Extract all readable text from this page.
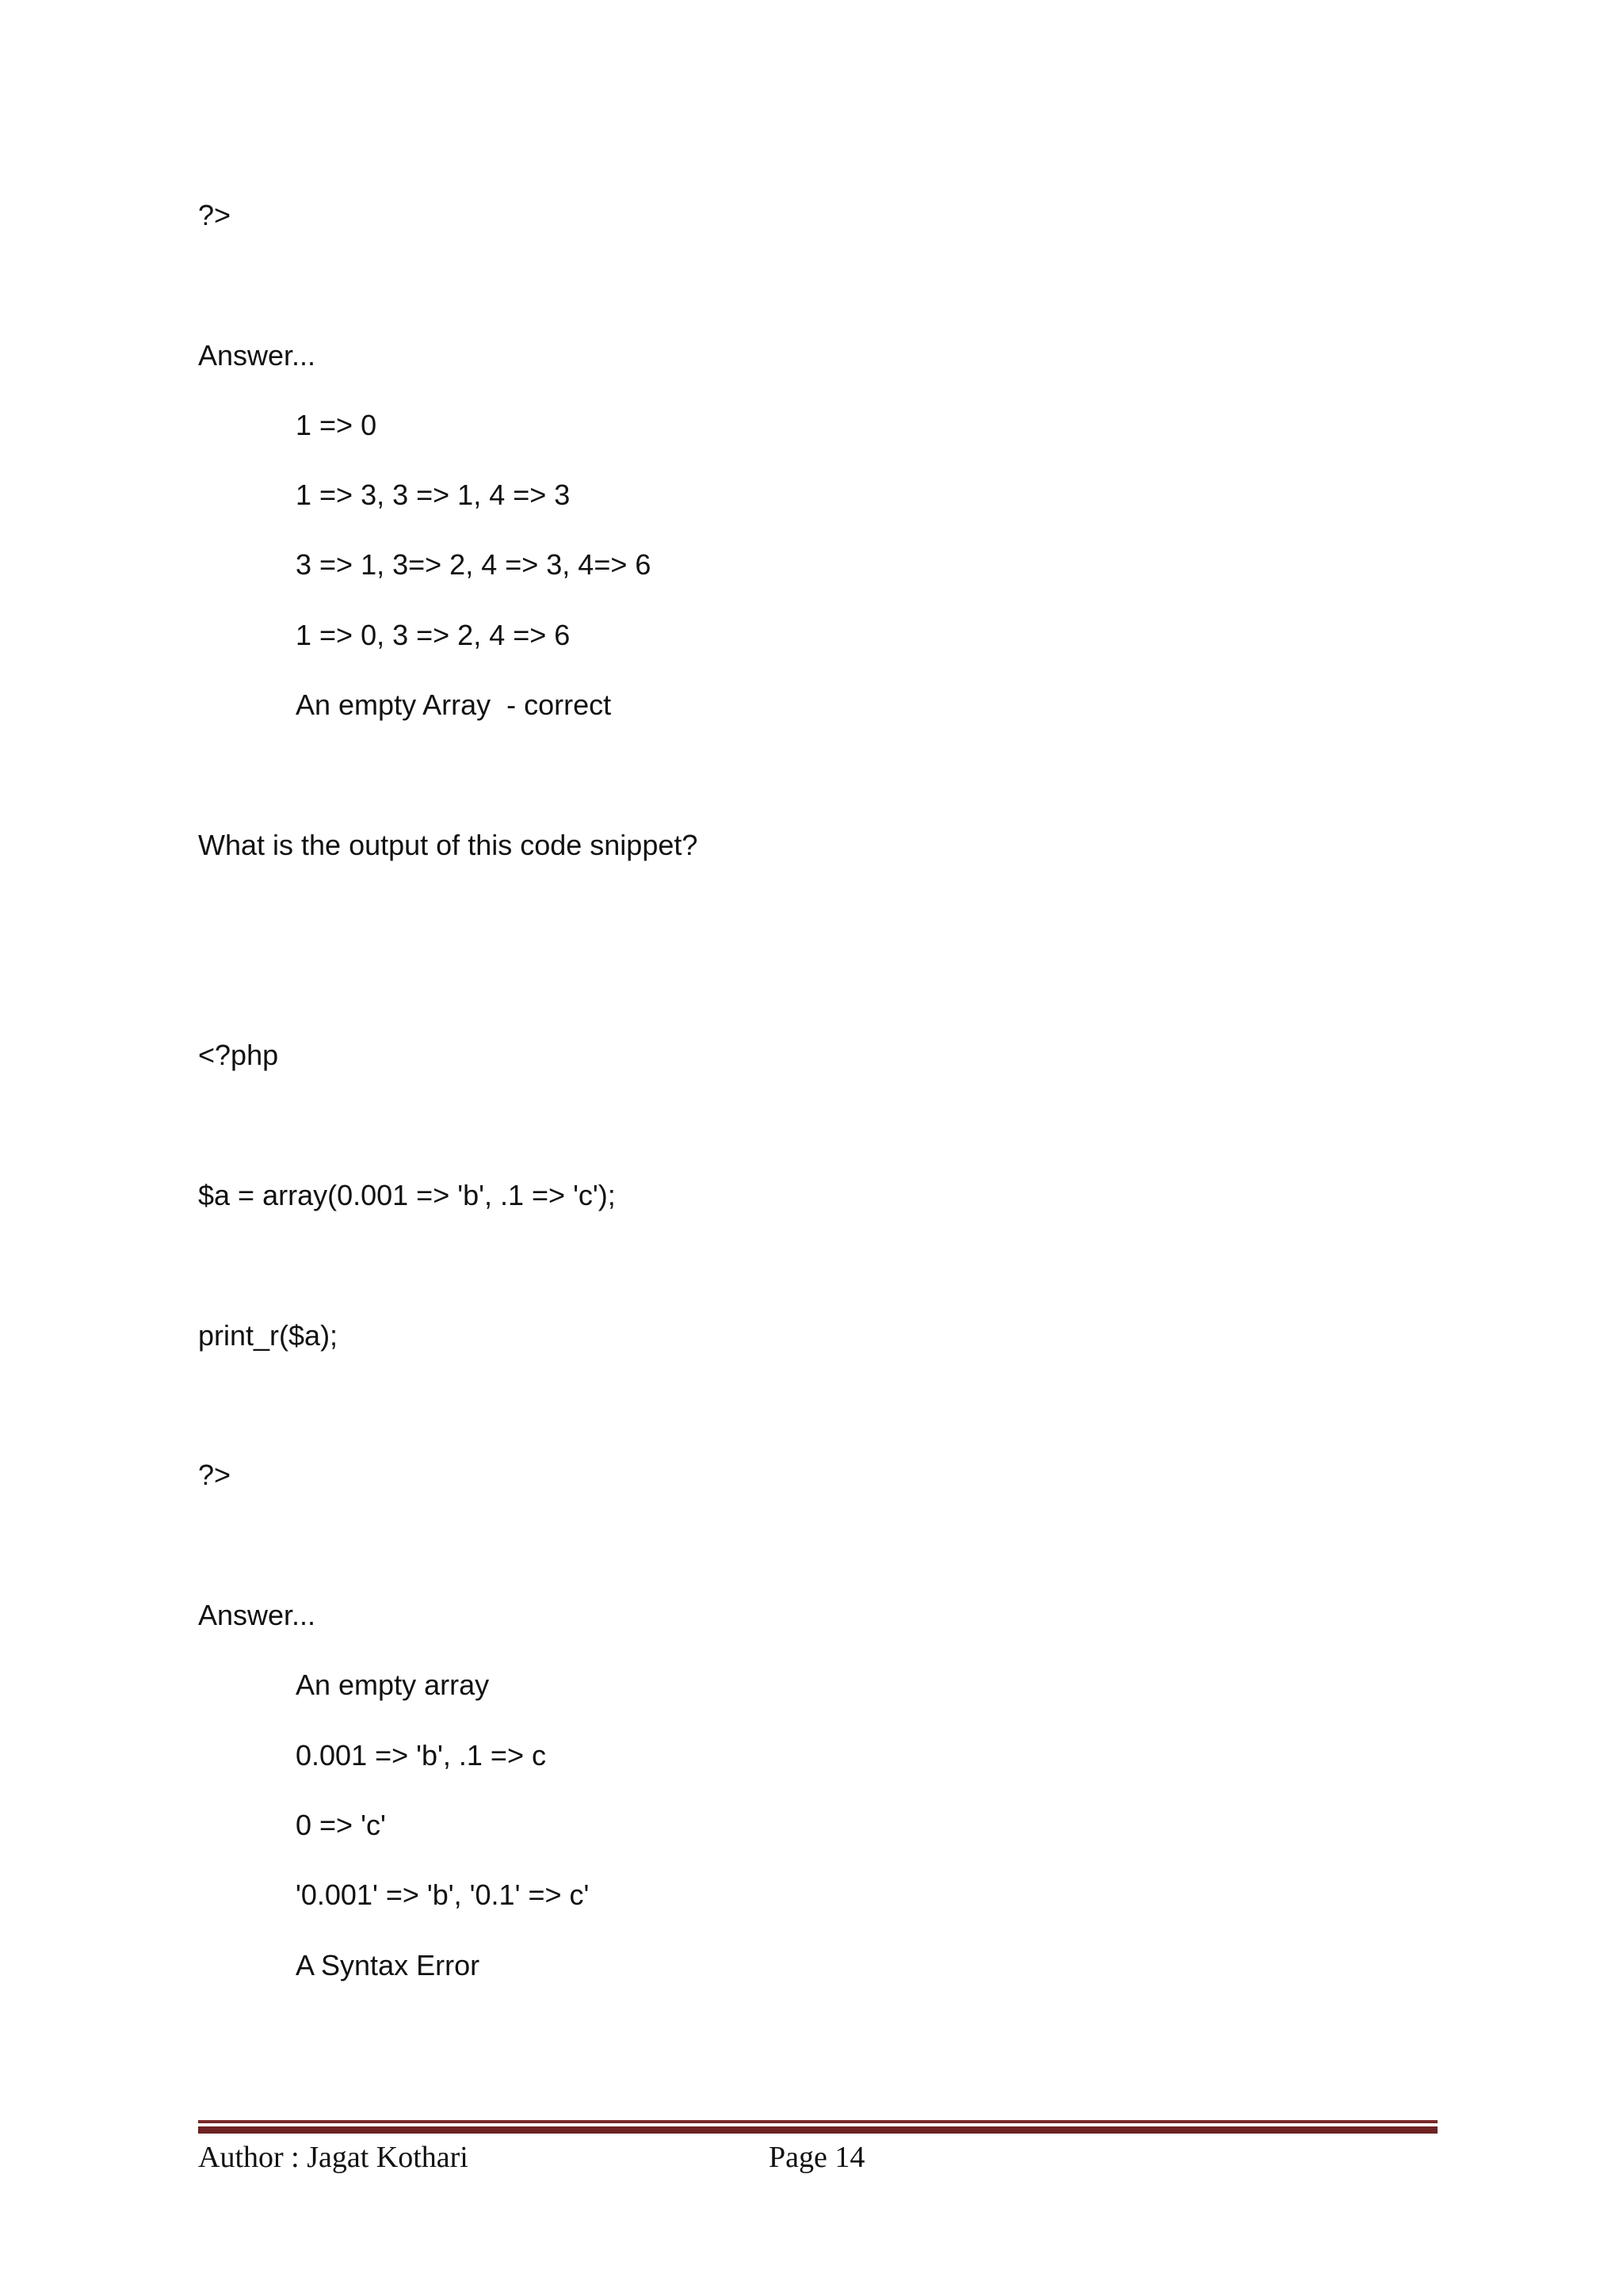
?>

Answer...

1 => 0

1 => 3, 3 => 1, 4 => 3

3 => 1, 3=> 2, 4 => 3, 4=> 6

1 => 0, 3 => 2, 4 => 6

An empty Array  - correct

What is the output of this code snippet?

<?php

$a = array(0.001 => 'b', .1 => 'c');

print_r($a);

?>

Answer...

An empty array

0.001 => 'b', .1 => c

0 => 'c'

'0.001' => 'b', '0.1' => c'

A Syntax Error

Author : Jagat Kothari	Page 14
